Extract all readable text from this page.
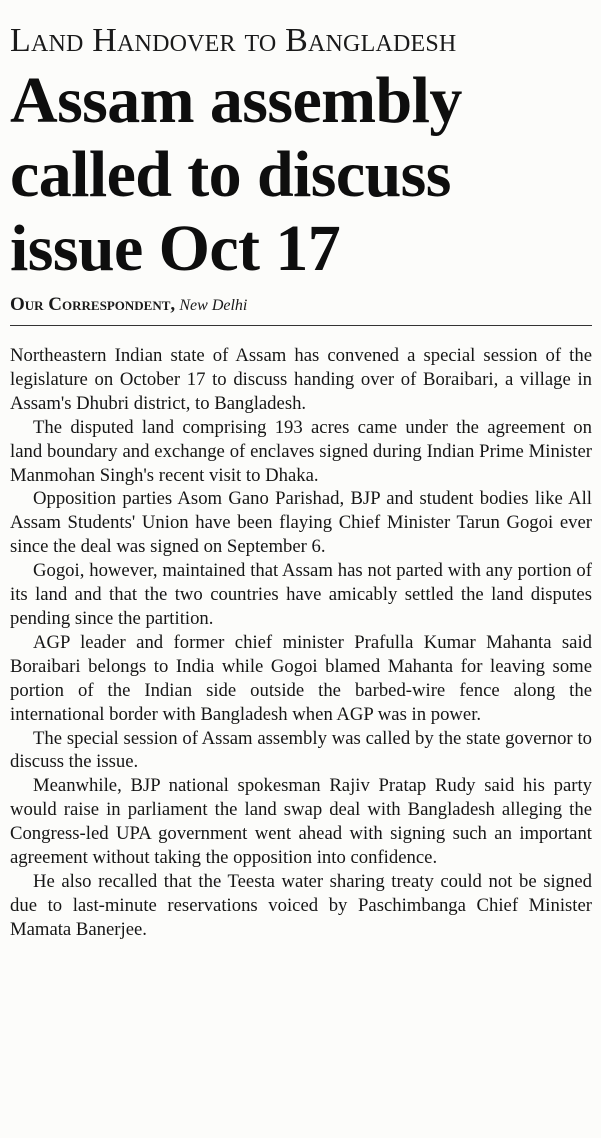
Land Handover to Bangladesh
Assam assembly
called to discuss
issue Oct 17
Our Correspondent, New Delhi

Northeastern Indian state of Assam has convened a special session of the legislature on October 17 to discuss handing over of Boraibari, a village in Assam's Dhubri district, to Bangladesh.

The disputed land comprising 193 acres came under the agreement on land boundary and exchange of enclaves signed during Indian Prime Minister Manmohan Singh's recent visit to Dhaka.

Opposition parties Asom Gano Parishad, BJP and student bodies like All Assam Students' Union have been flaying Chief Minister Tarun Gogoi ever since the deal was signed on September 6.

Gogoi, however, maintained that Assam has not parted with any portion of its land and that the two countries have amicably settled the land disputes pending since the partition.

AGP leader and former chief minister Prafulla Kumar Mahanta said Boraibari belongs to India while Gogoi blamed Mahanta for leaving some portion of the Indian side outside the barbed-wire fence along the international border with Bangladesh when AGP was in power.

The special session of Assam assembly was called by the state governor to discuss the issue.

Meanwhile, BJP national spokesman Rajiv Pratap Rudy said his party would raise in parliament the land swap deal with Bangladesh alleging the Congress-led UPA government went ahead with signing such an important agreement without taking the opposition into confidence.

He also recalled that the Teesta water sharing treaty could not be signed due to last-minute reservations voiced by Paschimbanga Chief Minister Mamata Banerjee.
